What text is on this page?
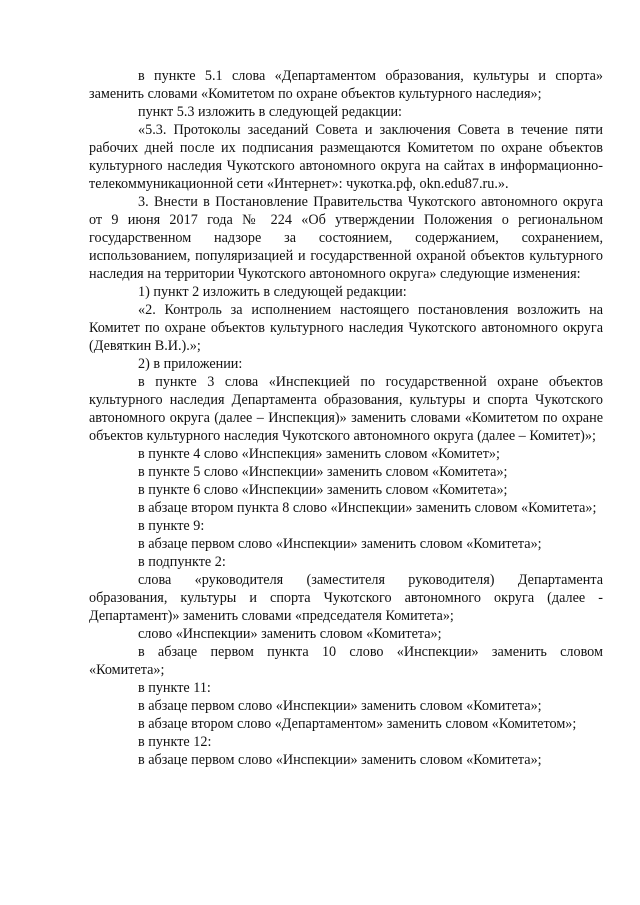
в пункте 5.1 слова «Департаментом образования, культуры и спорта» заменить словами «Комитетом по охране объектов культурного наследия»;

пункт 5.3 изложить в следующей редакции:

«5.3. Протоколы заседаний Совета и заключения Совета в течение пяти рабочих дней после их подписания размещаются Комитетом по охране объектов культурного наследия Чукотского автономного округа на сайтах в информационно-телекоммуникационной сети «Интернет»: чукотка.рф, okn.edu87.ru.».

3. Внести в Постановление Правительства Чукотского автономного округа от 9 июня 2017 года № 224 «Об утверждении Положения о региональном государственном надзоре за состоянием, содержанием, сохранением, использованием, популяризацией и государственной охраной объектов культурного наследия на территории Чукотского автономного округа» следующие изменения:

1) пункт 2 изложить в следующей редакции:

«2. Контроль за исполнением настоящего постановления возложить на Комитет по охране объектов культурного наследия Чукотского автономного округа (Девяткин В.И.).»;

2) в приложении:

в пункте 3 слова «Инспекцией по государственной охране объектов культурного наследия Департамента образования, культуры и спорта Чукотского автономного округа (далее – Инспекция)» заменить словами «Комитетом по охране объектов культурного наследия Чукотского автономного округа (далее – Комитет)»;

в пункте 4 слово «Инспекция» заменить словом «Комитет»;

в пункте 5 слово «Инспекции» заменить словом «Комитета»;

в пункте 6 слово «Инспекции» заменить словом «Комитета»;

в абзаце втором пункта 8 слово «Инспекции» заменить словом «Комитета»;

в пункте 9:

в абзаце первом слово «Инспекции» заменить словом «Комитета»;

в подпункте 2:

слова «руководителя (заместителя руководителя) Департамента образования, культуры и спорта Чукотского автономного округа (далее - Департамент)» заменить словами «председателя Комитета»;

слово «Инспекции» заменить словом «Комитета»;

в абзаце первом пункта 10 слово «Инспекции» заменить словом «Комитета»;

в пункте 11:

в абзаце первом слово «Инспекции» заменить словом «Комитета»;

в абзаце втором слово «Департаментом» заменить словом «Комитетом»;

в пункте 12:

в абзаце первом слово «Инспекции» заменить словом «Комитета»;
